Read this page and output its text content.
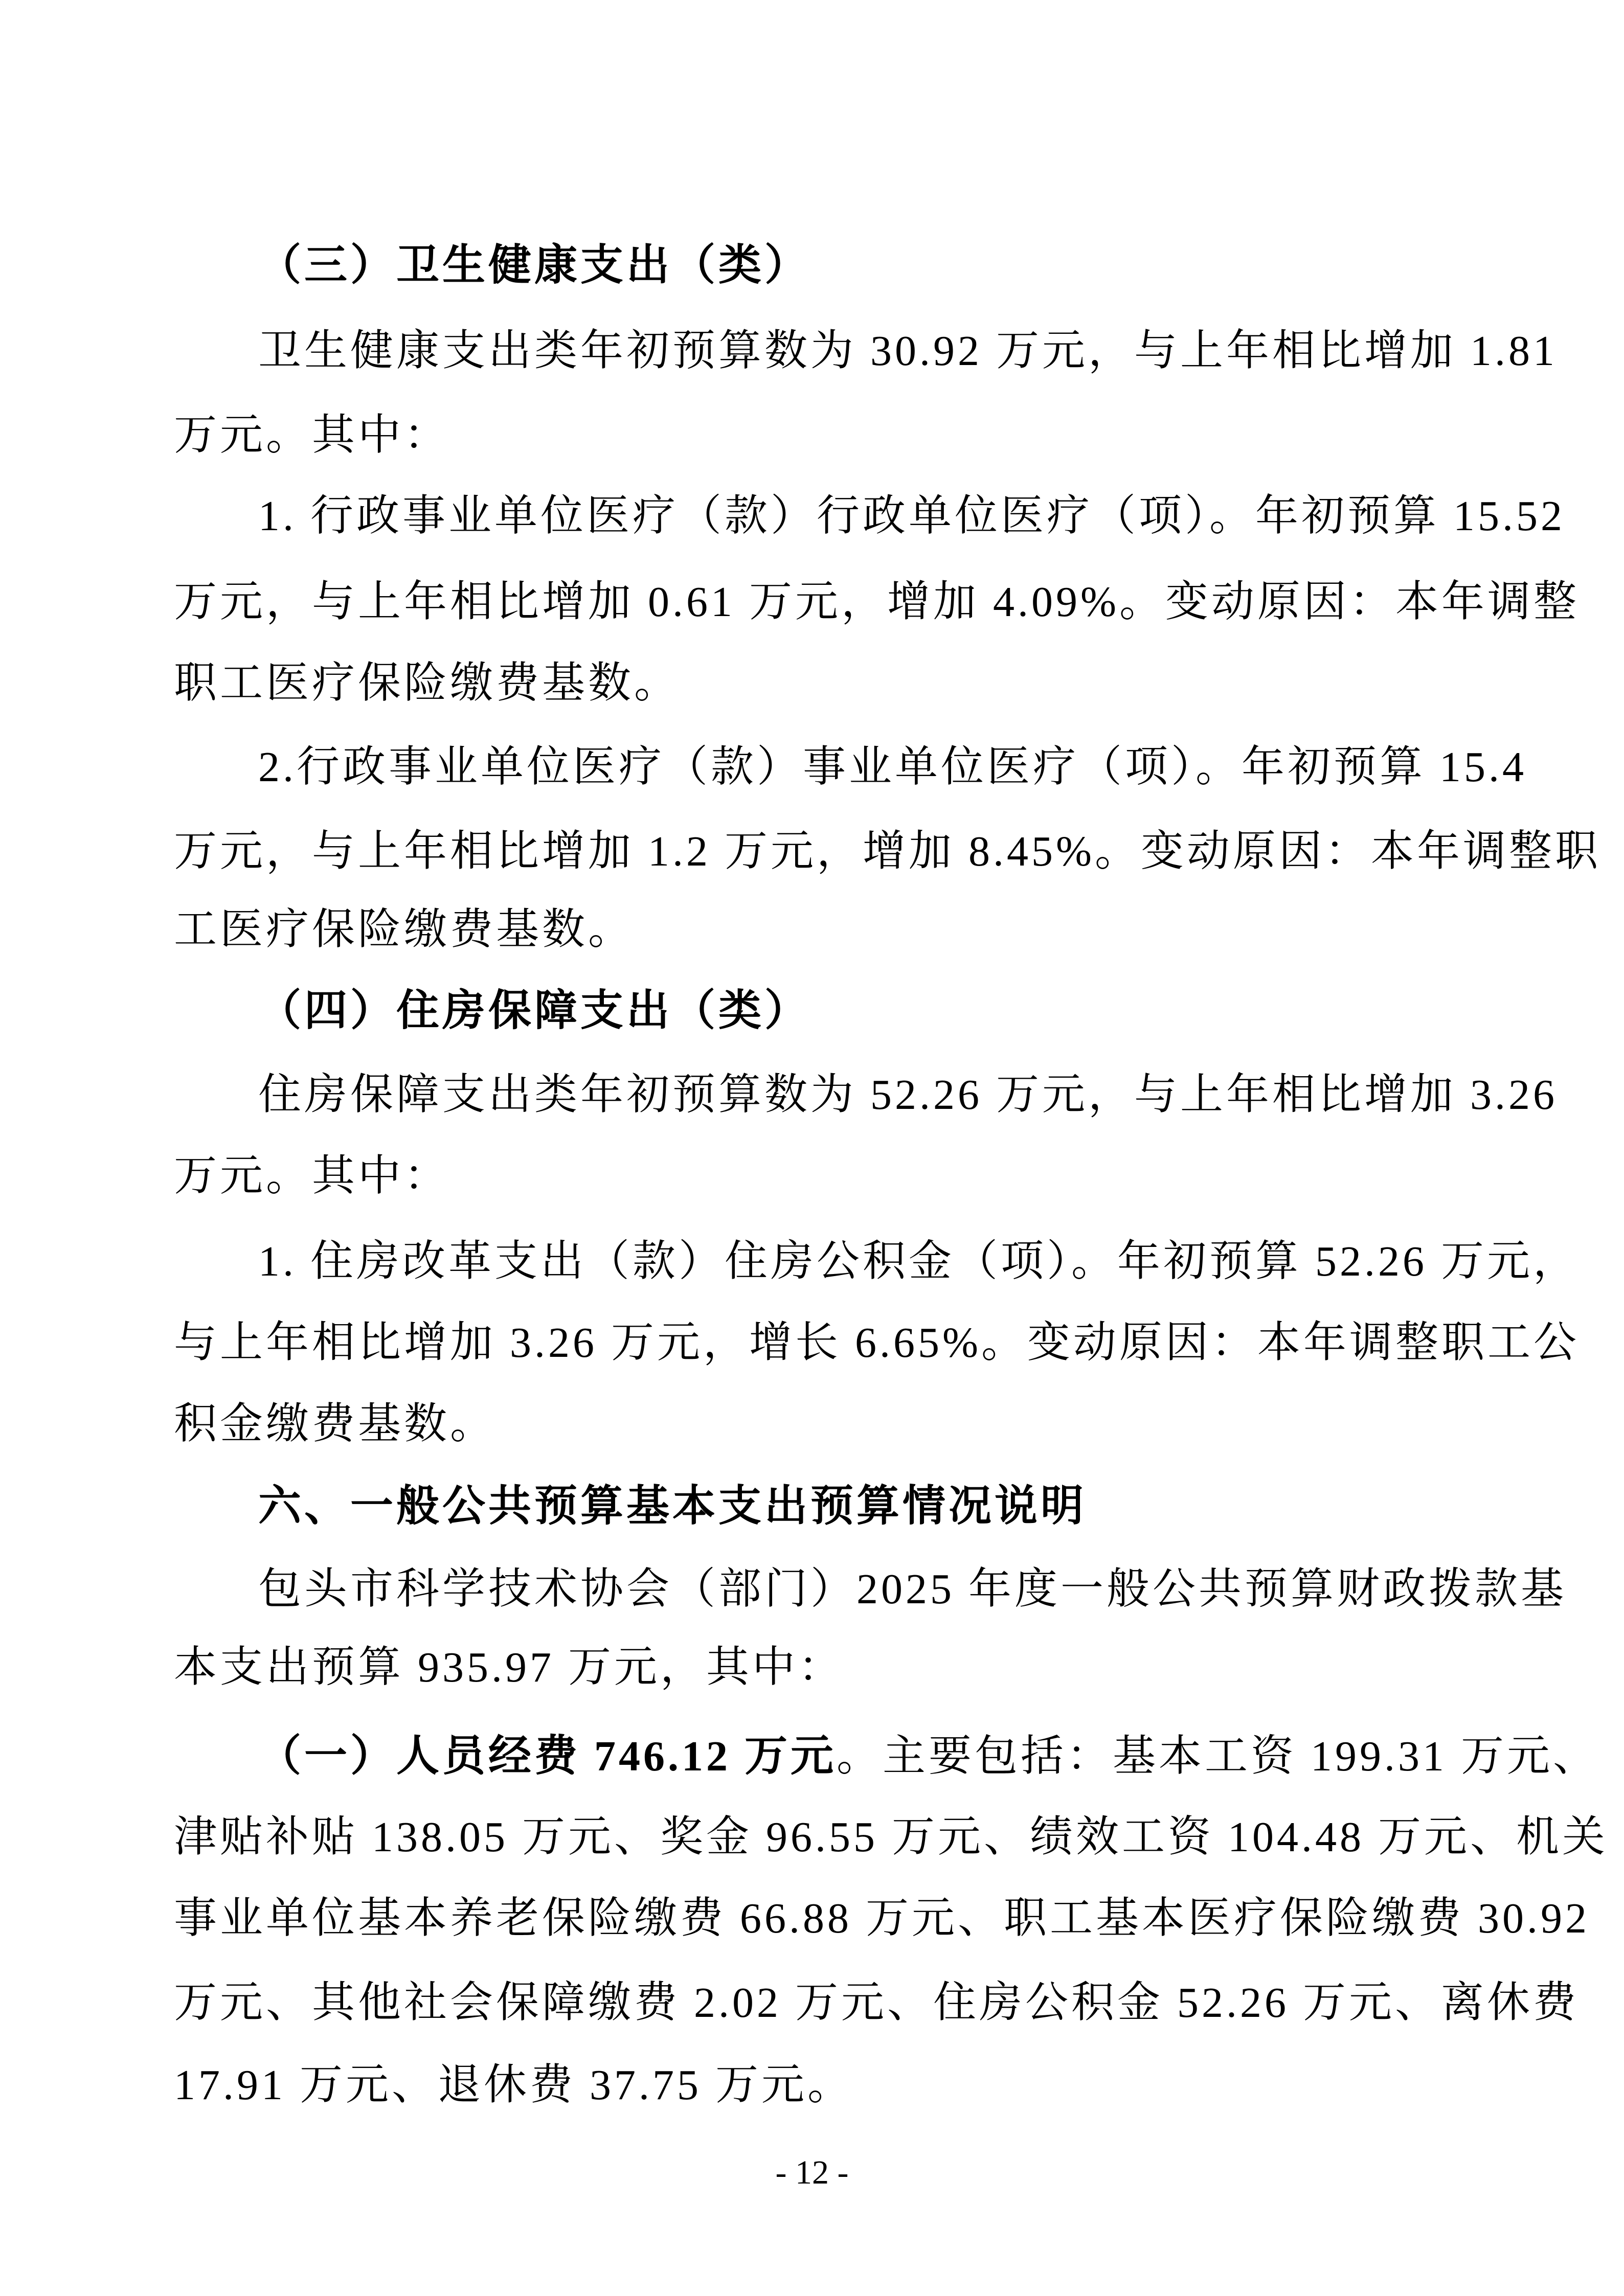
（三）卫生健康支出（类）
卫生健康支出类年初预算数为 30.92 万元，与上年相比增加 1.81
万元。其中：
1. 行政事业单位医疗（款）行政单位医疗（项）。年初预算 15.52
万元，与上年相比增加 0.61 万元，增加 4.09%。变动原因：本年调整
职工医疗保险缴费基数。
2.行政事业单位医疗（款）事业单位医疗（项）。年初预算 15.4
万元，与上年相比增加 1.2 万元，增加 8.45%。变动原因：本年调整职
工医疗保险缴费基数。
（四）住房保障支出（类）
住房保障支出类年初预算数为 52.26 万元，与上年相比增加 3.26
万元。其中：
1. 住房改革支出（款）住房公积金（项）。年初预算 52.26 万元，
与上年相比增加 3.26 万元，增长 6.65%。变动原因：本年调整职工公
积金缴费基数。
六、一般公共预算基本支出预算情况说明
包头市科学技术协会（部门）2025 年度一般公共预算财政拨款基
本支出预算 935.97 万元，其中：
（一）人员经费 746.12 万元。主要包括：基本工资 199.31 万元、
津贴补贴 138.05 万元、奖金 96.55 万元、绩效工资 104.48 万元、机关
事业单位基本养老保险缴费 66.88 万元、职工基本医疗保险缴费 30.92
万元、其他社会保障缴费 2.02 万元、住房公积金 52.26 万元、离休费
17.91 万元、退休费 37.75 万元。
- 12 -
